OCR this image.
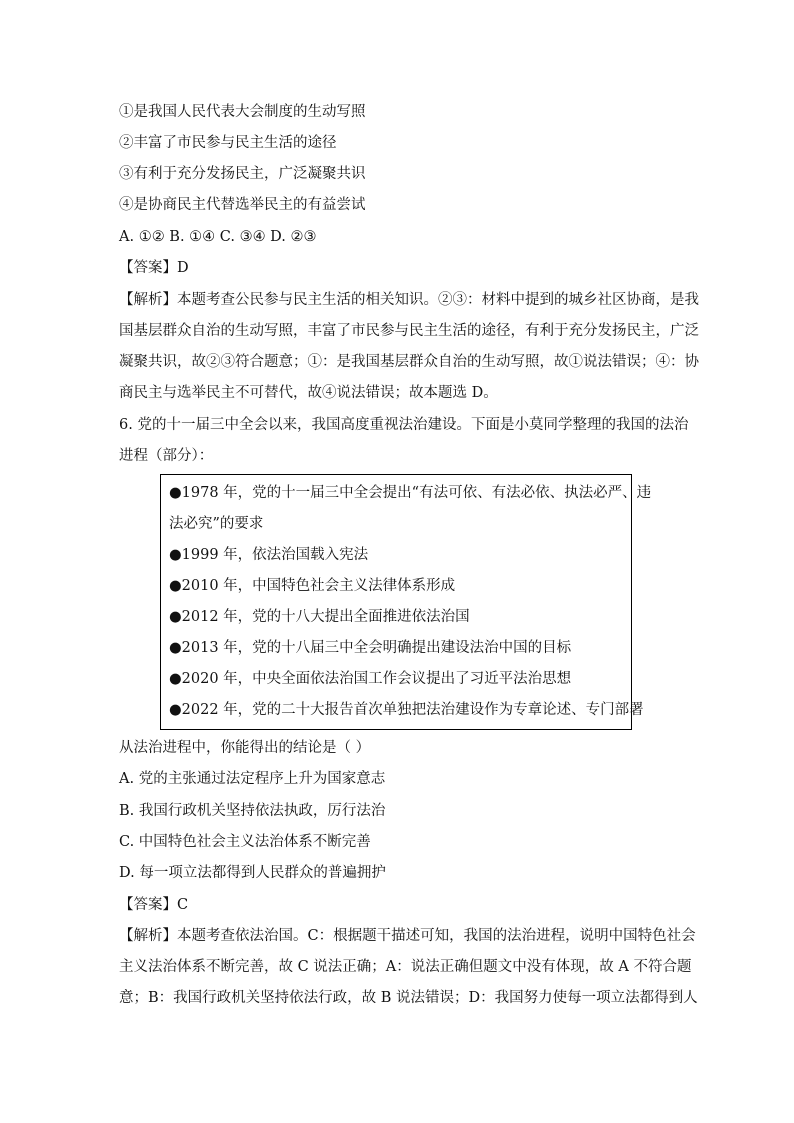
①是我国人民代表大会制度的生动写照
②丰富了市民参与民主生活的途径
③有利于充分发扬民主，广泛凝聚共识
④是协商民主代替选举民主的有益尝试
A. ①② B. ①④ C. ③④ D. ②③
【答案】D
【解析】本题考查公民参与民主生活的相关知识。②③：材料中提到的城乡社区协商，是我
国基层群众自治的生动写照，丰富了市民参与民主生活的途径，有利于充分发扬民主，广泛
凝聚共识，故②③符合题意；①：是我国基层群众自治的生动写照，故①说法错误；④：协
商民主与选举民主不可替代，故④说法错误；故本题选 D。
6. 党的十一届三中全会以来，我国高度重视法治建设。下面是小莫同学整理的我国的法治
进程（部分）：
●1978 年，党的十一届三中全会提出“有法可依、有法必依、执法必严、违
法必究”的要求
●1999 年，依法治国载入宪法
●2010 年，中国特色社会主义法律体系形成
●2012 年，党的十八大提出全面推进依法治国
●2013 年，党的十八届三中全会明确提出建设法治中国的目标
●2020 年，中央全面依法治国工作会议提出了习近平法治思想
●2022 年，党的二十大报告首次单独把法治建设作为专章论述、专门部署
从法治进程中，你能得出的结论是（ ）
A. 党的主张通过法定程序上升为国家意志
B. 我国行政机关坚持依法执政，厉行法治
C. 中国特色社会主义法治体系不断完善
D. 每一项立法都得到人民群众的普遍拥护
【答案】C
【解析】本题考查依法治国。C：根据题干描述可知，我国的法治进程，说明中国特色社会
主义法治体系不断完善，故 C 说法正确；A：说法正确但题文中没有体现，故 A 不符合题
意；B：我国行政机关坚持依法行政，故 B 说法错误；D：我国努力使每一项立法都得到人
